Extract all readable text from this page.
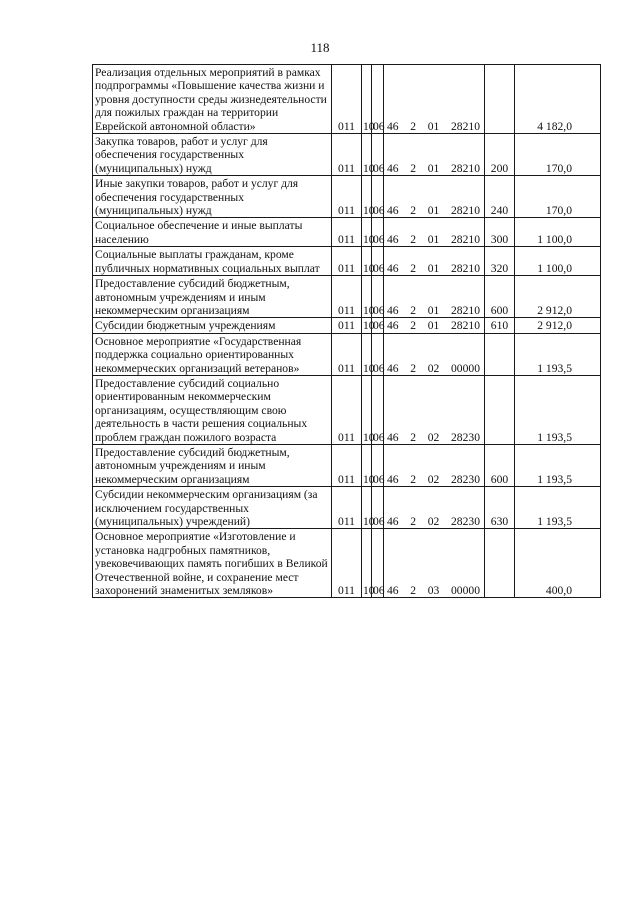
118
Реализация отдельных мероприятий в рамках подпрограммы «Повышение качества жизни и уровня доступности среды жизнедеятельности для пожилых граждан на территории Еврейской автономной области»	011	10	06	46 2 01 28210		4 182,0
Закупка товаров, работ и услуг для обеспечения государственных (муниципальных) нужд	011	10	06	46 2 01 28210	200	170,0
Иные закупки товаров, работ и услуг для обеспечения государственных (муниципальных) нужд	011	10	06	46 2 01 28210	240	170,0
Социальное обеспечение и иные выплаты населению	011	10	06	46 2 01 28210	300	1 100,0
Социальные выплаты гражданам, кроме публичных нормативных социальных выплат	011	10	06	46 2 01 28210	320	1 100,0
Предоставление субсидий бюджетным, автономным учреждениям и иным некоммерческим организациям	011	10	06	46 2 01 28210	600	2 912,0
Субсидии бюджетным учреждениям	011	10	06	46 2 01 28210	610	2 912,0
Основное мероприятие «Государственная поддержка социально ориентированных некоммерческих организаций ветеранов»	011	10	06	46 2 02 00000		1 193,5
Предоставление субсидий социально ориентированным некоммерческим организациям, осуществляющим свою деятельность в части решения социальных проблем граждан пожилого возраста	011	10	06	46 2 02 28230		1 193,5
Предоставление субсидий бюджетным, автономным учреждениям и иным некоммерческим организациям	011	10	06	46 2 02 28230	600	1 193,5
Субсидии некоммерческим организациям (за исключением государственных (муниципальных) учреждений)	011	10	06	46 2 02 28230	630	1 193,5
Основное мероприятие «Изготовление и установка надгробных памятников, увековечивающих память погибших в Великой Отечественной войне, и сохранение мест захоронений знаменитых земляков»	011	10	06	46 2 03 00000		400,0
